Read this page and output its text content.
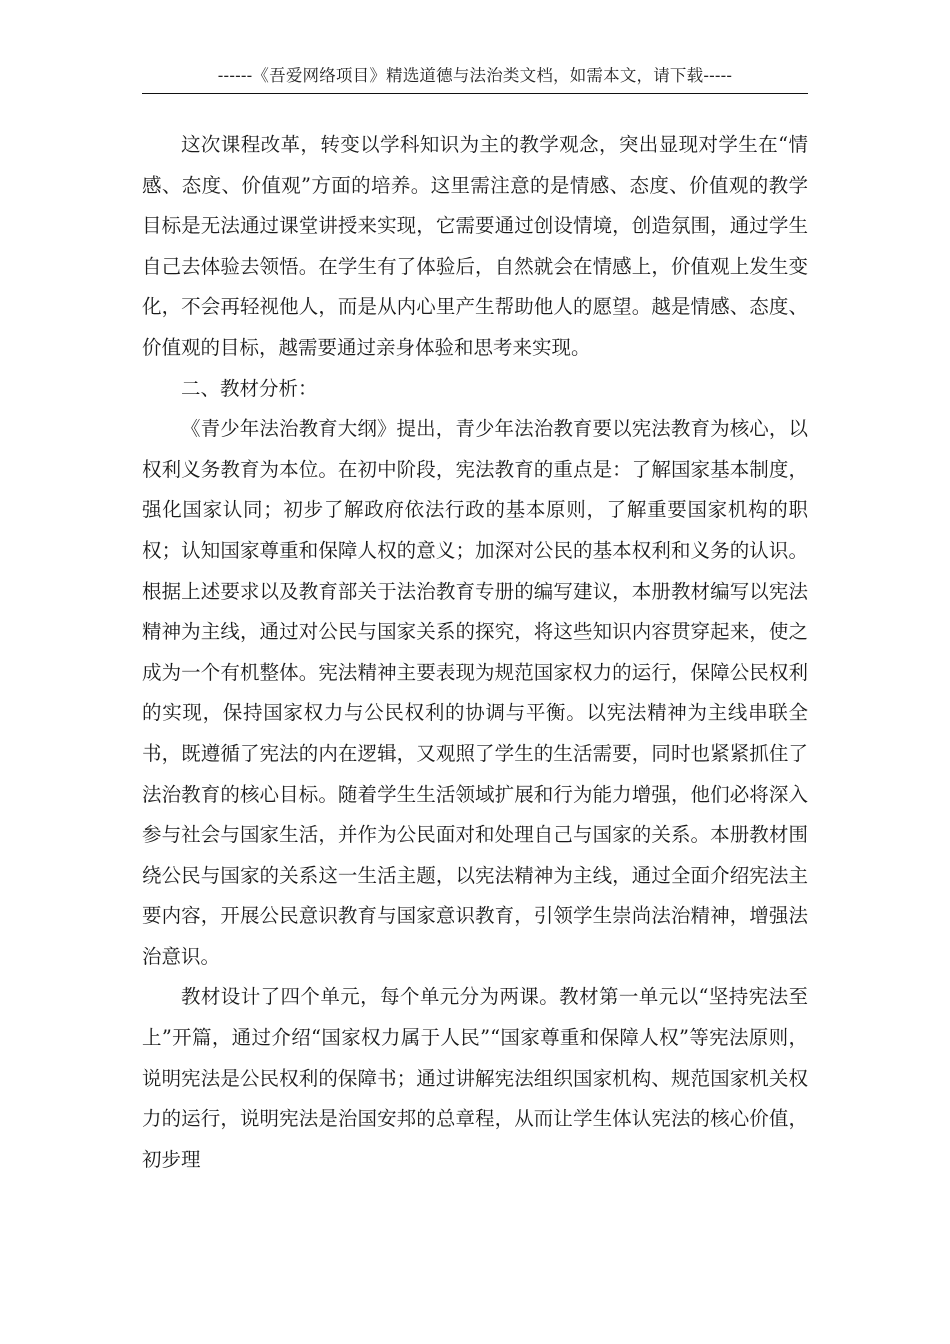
------《吾爱网络项目》精选道德与法治类文档，如需本文，请下载-----

这次课程改革，转变以学科知识为主的教学观念，突出显现对学生在“情感、态度、价值观”方面的培养。这里需注意的是情感、态度、价值观的教学目标是无法通过课堂讲授来实现，它需要通过创设情境，创造氛围，通过学生自己去体验去领悟。在学生有了体验后，自然就会在情感上，价值观上发生变化，不会再轻视他人，而是从内心里产生帮助他人的愿望。越是情感、态度、价值观的目标，越需要通过亲身体验和思考来实现。

二、教材分析：

《青少年法治教育大纲》提出，青少年法治教育要以宪法教育为核心，以权利义务教育为本位。在初中阶段，宪法教育的重点是：了解国家基本制度，强化国家认同；初步了解政府依法行政的基本原则，了解重要国家机构的职权；认知国家尊重和保障人权的意义；加深对公民的基本权利和义务的认识。根据上述要求以及教育部关于法治教育专册的编写建议，本册教材编写以宪法精神为主线，通过对公民与国家关系的探究，将这些知识内容贯穿起来，使之成为一个有机整体。宪法精神主要表现为规范国家权力的运行，保障公民权利的实现，保持国家权力与公民权利的协调与平衡。以宪法精神为主线串联全书，既遵循了宪法的内在逻辑，又观照了学生的生活需要，同时也紧紧抓住了法治教育的核心目标。随着学生生活领域扩展和行为能力增强，他们必将深入参与社会与国家生活，并作为公民面对和处理自己与国家的关系。本册教材围绕公民与国家的关系这一生活主题，以宪法精神为主线，通过全面介绍宪法主要内容，开展公民意识教育与国家意识教育，引领学生崇尚法治精神，增强法治意识。

教材设计了四个单元，每个单元分为两课。教材第一单元以“坚持宪法至上”开篇，通过介绍“国家权力属于人民”“国家尊重和保障人权”等宪法原则，说明宪法是公民权利的保障书；通过讲解宪法组织国家机构、规范国家机关权力的运行，说明宪法是治国安邦的总章程，从而让学生体认宪法的核心价值，初步理
